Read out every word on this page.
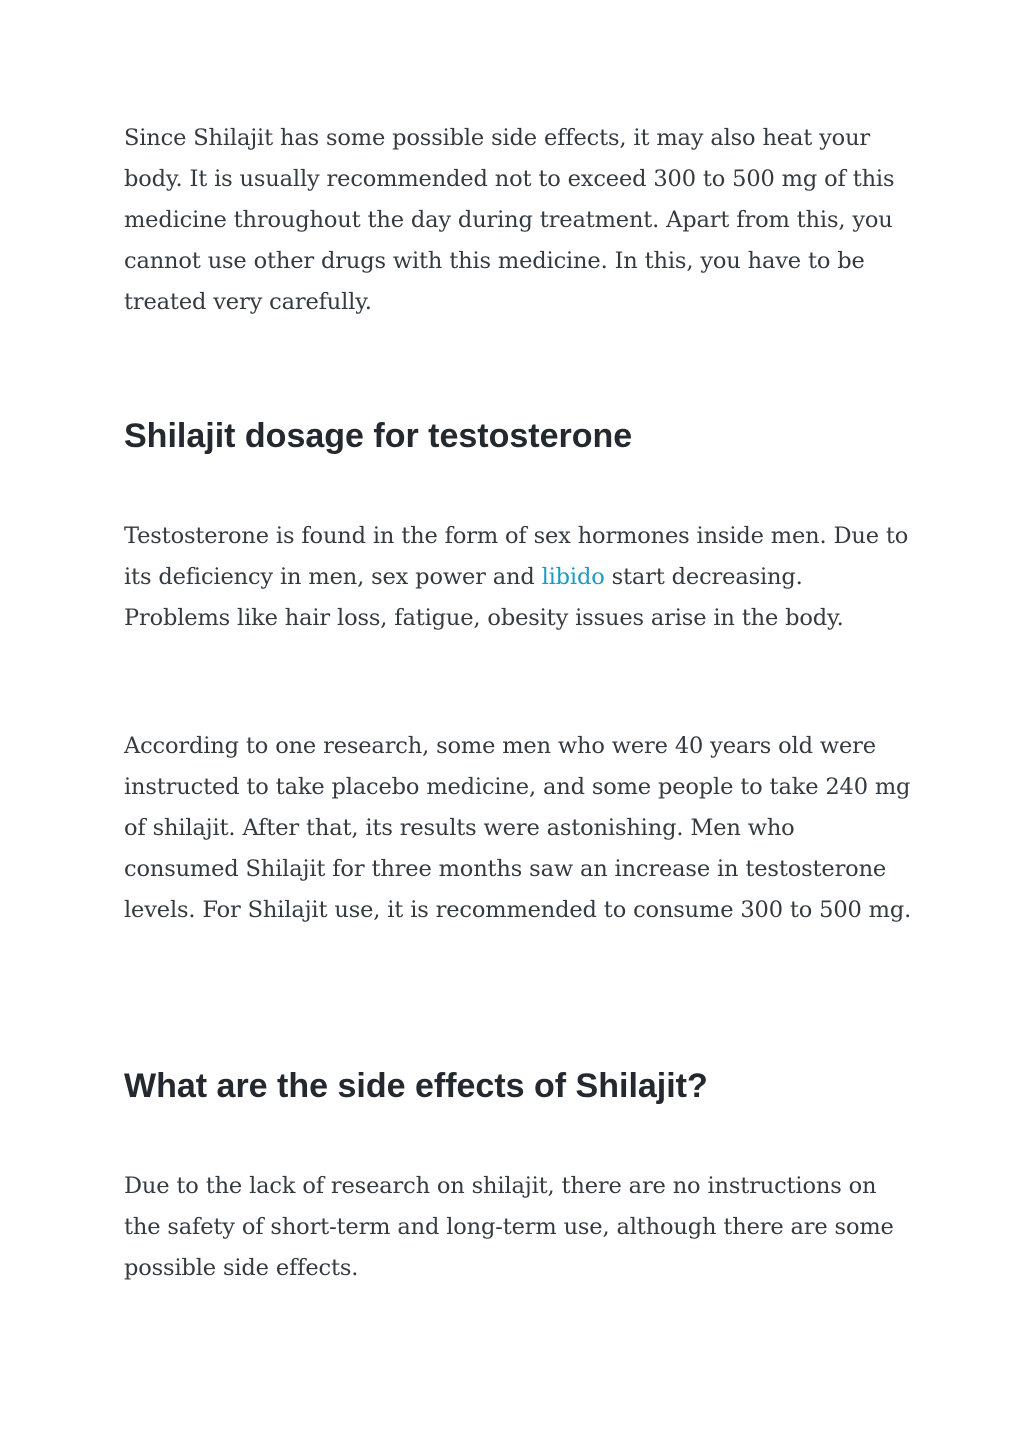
Since Shilajit has some possible side effects, it may also heat your body. It is usually recommended not to exceed 300 to 500 mg of this medicine throughout the day during treatment. Apart from this, you cannot use other drugs with this medicine. In this, you have to be treated very carefully.

Shilajit dosage for testosterone

Testosterone is found in the form of sex hormones inside men. Due to its deficiency in men, sex power and libido start decreasing. Problems like hair loss, fatigue, obesity issues arise in the body.

According to one research, some men who were 40 years old were instructed to take placebo medicine, and some people to take 240 mg of shilajit. After that, its results were astonishing. Men who consumed Shilajit for three months saw an increase in testosterone levels. For Shilajit use, it is recommended to consume 300 to 500 mg.

What are the side effects of Shilajit?

Due to the lack of research on shilajit, there are no instructions on the safety of short-term and long-term use, although there are some possible side effects.
